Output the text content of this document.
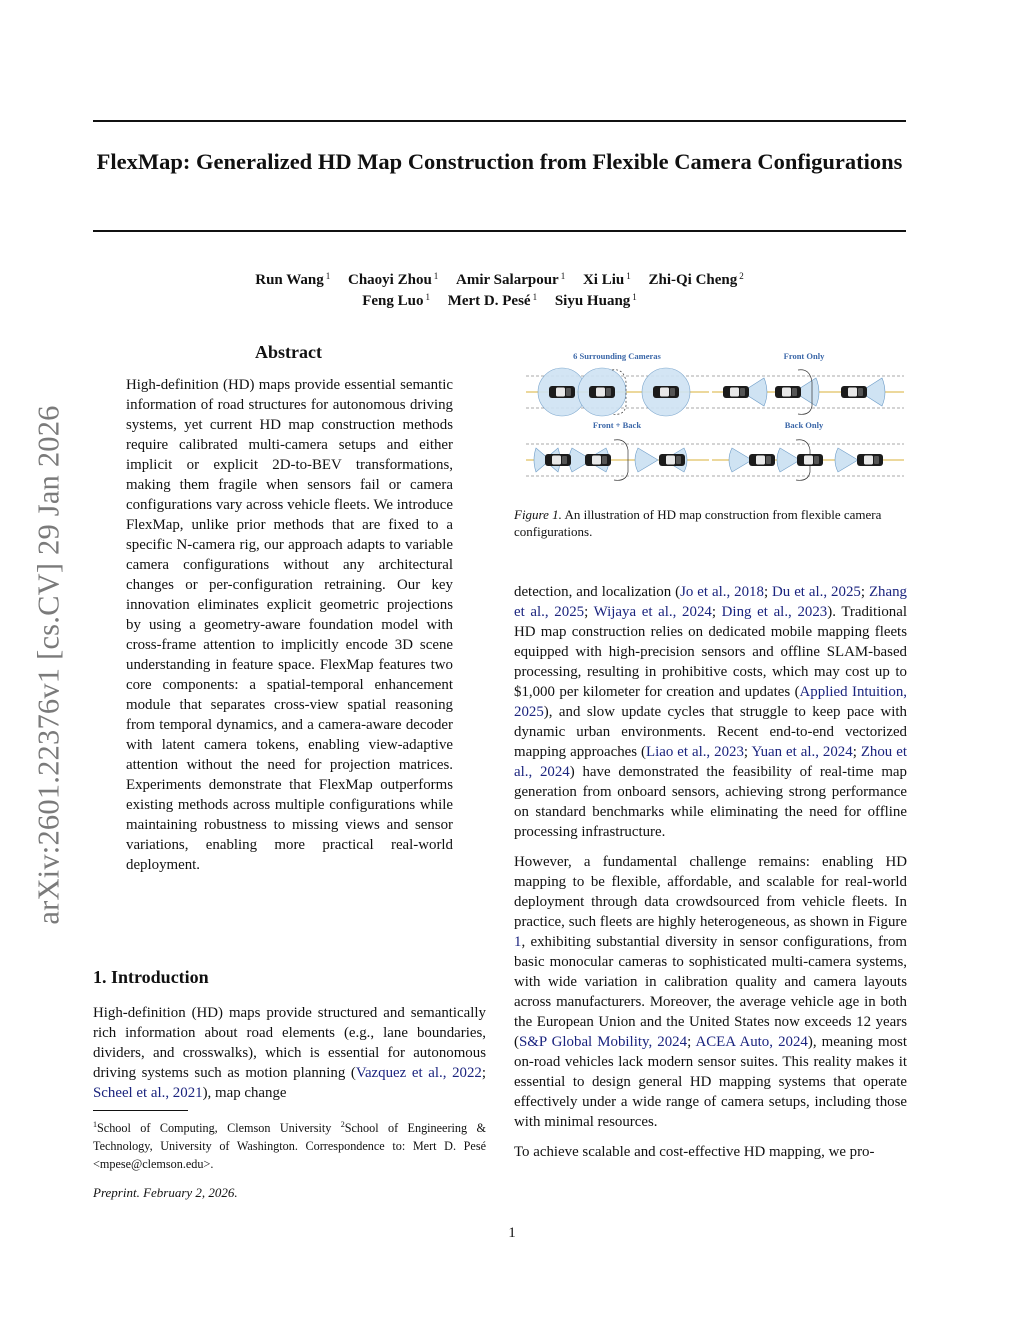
arXiv:2601.22376v1 [cs.CV] 29 Jan 2026
FlexMap: Generalized HD Map Construction from Flexible Camera Configurations
Run Wang $^1$ Chaoyi Zhou $^1$ Amir Salarpour $^1$ Xi Liu $^1$ Zhi-Qi Cheng $^2$
Feng Luo $^1$ Mert D. Pesé $^1$ Siyu Huang $^1$
Abstract
High-definition (HD) maps provide essential semantic information of road structures for autonomous driving systems, yet current HD map construction methods require calibrated multi-camera setups and either implicit or explicit 2D-to-BEV transformations, making them fragile when sensors fail or camera configurations vary across vehicle fleets. We introduce FlexMap, unlike prior methods that are fixed to a specific N-camera rig, our approach adapts to variable camera configurations without any architectural changes or per-configuration retraining. Our key innovation eliminates explicit geometric projections by using a geometry-aware foundation model with cross-frame attention to implicitly encode 3D scene understanding in feature space. FlexMap features two core components: a spatial-temporal enhancement module that separates cross-view spatial reasoning from temporal dynamics, and a camera-aware decoder with latent camera tokens, enabling view-adaptive attention without the need for projection matrices. Experiments demonstrate that FlexMap outperforms existing methods across multiple configurations while maintaining robustness to missing views and sensor variations, enabling more practical real-world deployment.
1. Introduction
High-definition (HD) maps provide structured and semantically rich information about road elements (e.g., lane boundaries, dividers, and crosswalks), which is essential for autonomous driving systems such as motion planning (Vazquez et al., 2022; Scheel et al., 2021), map change
$^1$School of Computing, Clemson University $^2$School of Engineering & Technology, University of Washington. Correspondence to: Mert D. Pesé <mpese@clemson.edu>.
Preprint. February 2, 2026.
6 Surrounding Cameras	Front Only
Front + Back	Back Only
Figure 1. An illustration of HD map construction from flexible camera configurations.

detection, and localization (Jo et al., 2018; Du et al., 2025; Zhang et al., 2025; Wijaya et al., 2024; Ding et al., 2023). Traditional HD map construction relies on dedicated mobile mapping fleets equipped with high-precision sensors and offline SLAM-based processing, resulting in prohibitive costs, which may cost up to $1,000 per kilometer for creation and updates (Applied Intuition, 2025), and slow update cycles that struggle to keep pace with dynamic urban environments. Recent end-to-end vectorized mapping approaches (Liao et al., 2023; Yuan et al., 2024; Zhou et al., 2024) have demonstrated the feasibility of real-time map generation from onboard sensors, achieving strong performance on standard benchmarks while eliminating the need for offline processing infrastructure.

However, a fundamental challenge remains: enabling HD mapping to be flexible, affordable, and scalable for real-world deployment through data crowdsourced from vehicle fleets. In practice, such fleets are highly heterogeneous, as shown in Figure 1, exhibiting substantial diversity in sensor configurations, from basic monocular cameras to sophisticated multi-camera systems, with wide variation in calibration quality and camera layouts across manufacturers. Moreover, the average vehicle age in both the European Union and the United States now exceeds 12 years (S&P Global Mobility, 2024; ACEA Auto, 2024), meaning most on-road vehicles lack modern sensor suites. This reality makes it essential to design general HD mapping systems that operate effectively under a wide range of camera setups, including those with minimal resources.

To achieve scalable and cost-effective HD mapping, we pro-

1
